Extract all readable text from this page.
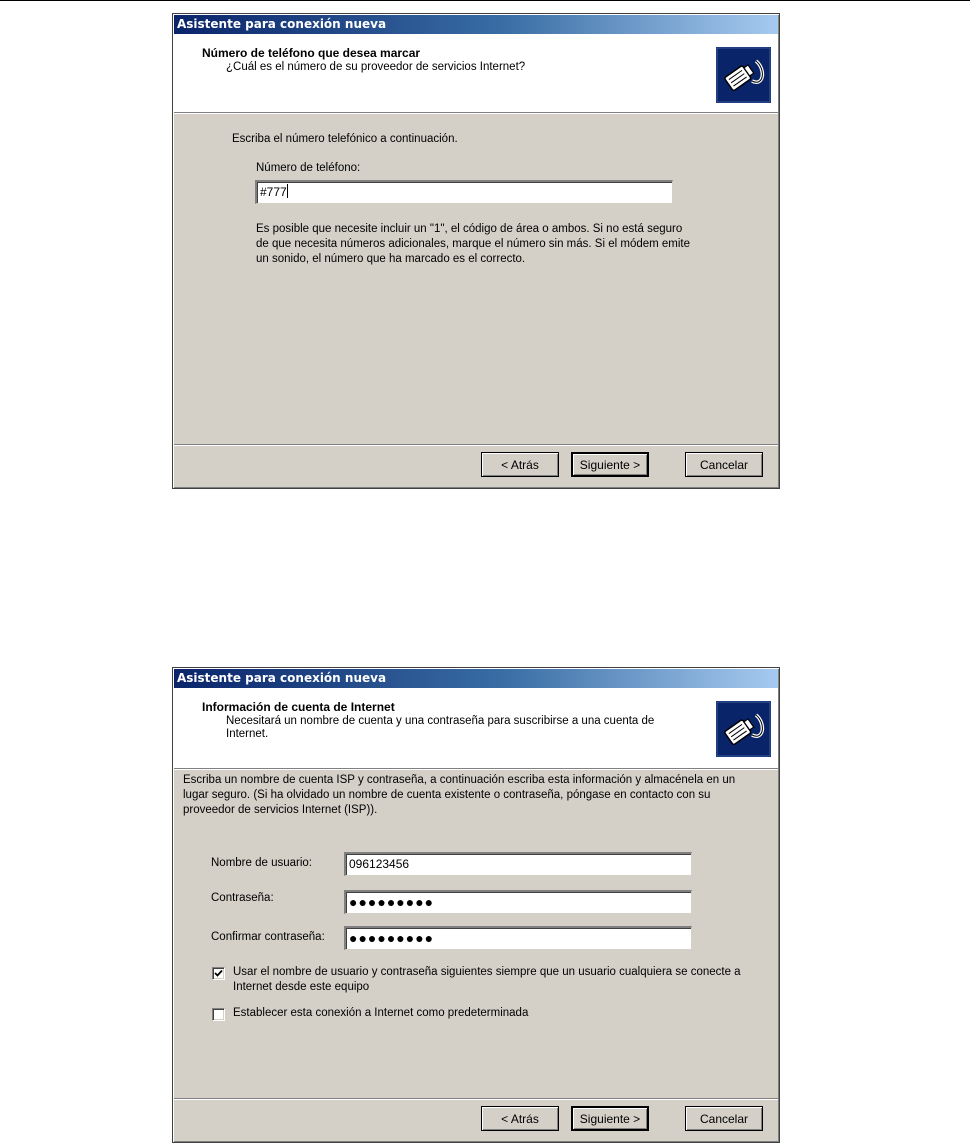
Asistente para conexión nueva
Número de teléfono que desea marcar
¿Cuál es el número de su proveedor de servicios Internet?
Escriba el número telefónico a continuación.
Número de teléfono:
#777
Es posible que necesite incluir un "1", el código de área o ambos. Si no está seguro de que necesita números adicionales, marque el número sin más. Si el módem emite un sonido, el número que ha marcado es el correcto.
< Atrás	Siguiente >	Cancelar
Asistente para conexión nueva
Información de cuenta de Internet
Necesitará un nombre de cuenta y una contraseña para suscribirse a una cuenta de Internet.
Escriba un nombre de cuenta ISP y contraseña, a continuación escriba esta información y almacénela en un lugar seguro. (Si ha olvidado un nombre de cuenta existente o contraseña, póngase en contacto con su proveedor de servicios Internet (ISP)).
Nombre de usuario:	096123456
Contraseña:	●●●●●●●●●
Confirmar contraseña:	●●●●●●●●●
Usar el nombre de usuario y contraseña siguientes siempre que un usuario cualquiera se conecte a Internet desde este equipo
Establecer esta conexión a Internet como predeterminada
< Atrás	Siguiente >	Cancelar
